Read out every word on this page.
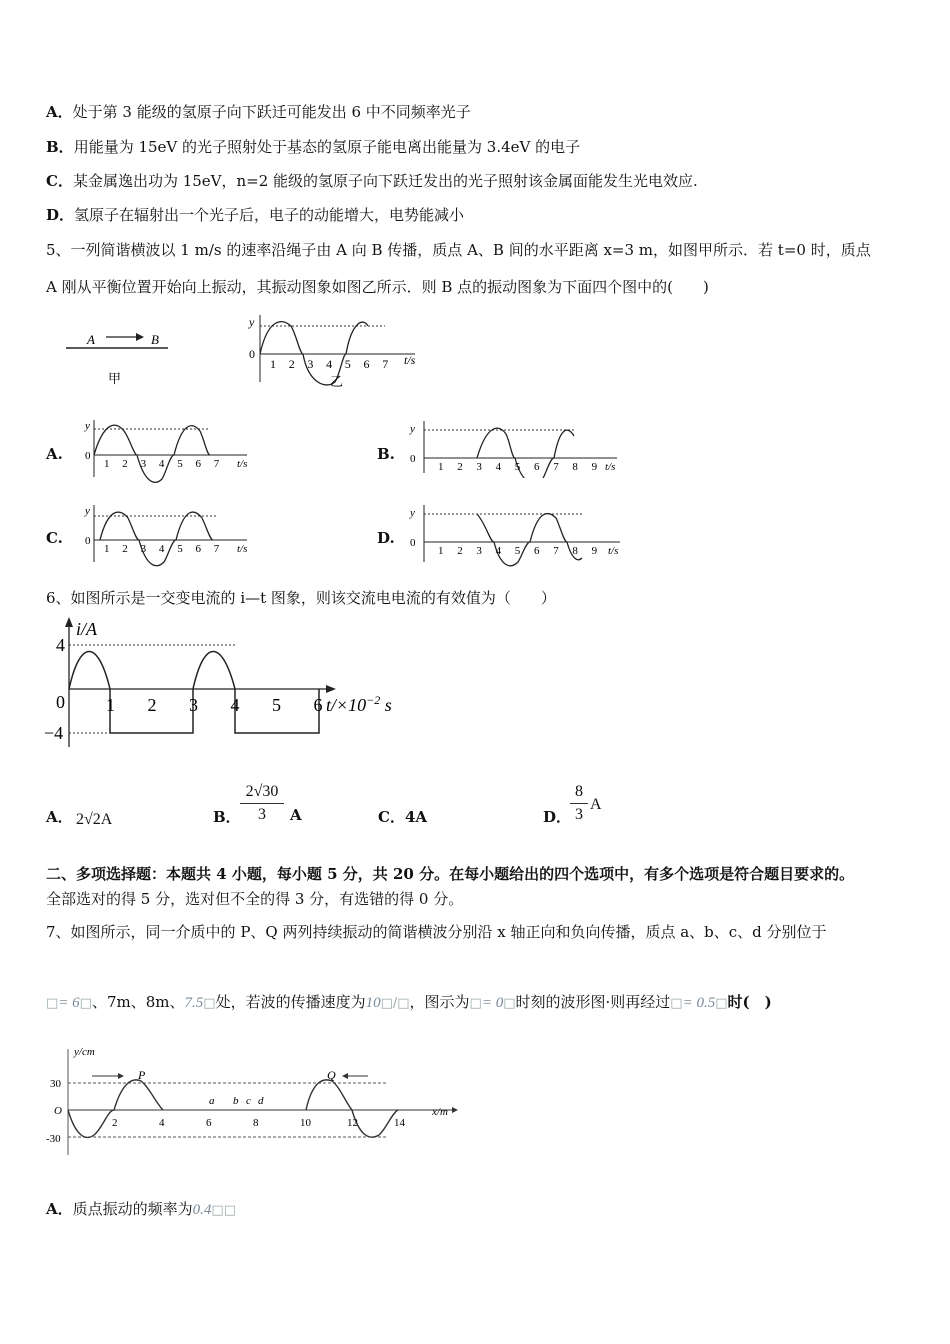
A．处于第 3 能级的氢原子向下跃迁可能发出 6 中不同频率光子
B．用能量为 15eV 的光子照射处于基态的氢原子能电离出能量为 3.4eV 的电子
C．某金属逸出功为 15eV，n=2 能级的氢原子向下跃迁发出的光子照射该金属面能发生光电效应.
D．氢原子在辐射出一个光子后，电子的动能增大，电势能减小
5、一列简谐横波以 1 m/s 的速率沿绳子由 A 向 B 传播，质点 A、B 间的水平距离 x=3 m，如图甲所示．若 t=0 时，质点
A 刚从平衡位置开始向上振动，其振动图象如图乙所示．则 B 点的振动图象为下面四个图中的(　　)
A	B
甲
y
0	t/s
乙
1 2 3 4 5 6 7
A.
y
0
t/s
1 2 3 4 5 6 7
B.
y
0
t/s
1 2 3 4 5 6 7 8 9
C.
y
0
t/s
1 2 3 4 5 6 7
D.
y
0
t/s
1 2 3 4 5 6 7 8 9
6、如图所示是一交变电流的 i—t 图象，则该交流电电流的有效值为（　　）
i/A
4
0
−4
$t/\times 10^{-2}$ s
1 2 3 4 5 6
A． 2√2A	B．
2√30
3	A	C．4A	D．
8
3
A
二、多项选择题：本题共 4 小题，每小题 5 分，共 20 分。在每小题给出的四个选项中，有多个选项是符合题目要求的。
全部选对的得 5 分，选对但不全的得 3 分，有选错的得 0 分。
7、如图所示，同一介质中的 P、Q 两列持续振动的简谐横波分别沿 x 轴正向和负向传播，质点 a、b、c、d 分别位于
□= 6□、7m、8m、7.5□处，若波的传播速度为10□/□，图示为□= 0□时刻的波形图·则再经过□= 0.5□时(　)
y/cm
30
O
-30
P	Q
a b c d
x/m
2	4	6	8	10	12	14
A．质点振动的频率为0.4□□
